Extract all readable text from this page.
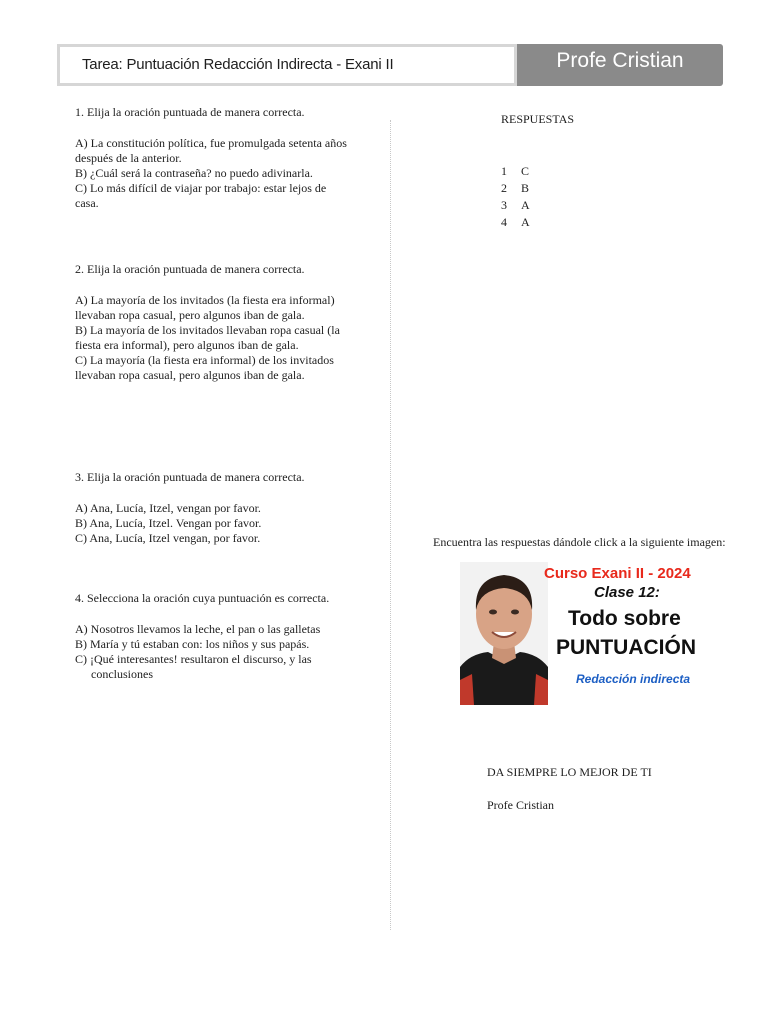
Tarea: Puntuación Redacción Indirecta - Exani II	Profe Cristian
1. Elija la oración puntuada de manera correcta.
A) La constitución política, fue promulgada setenta años después de la anterior.
B) ¿Cuál será la contraseña? no puedo adivinarla.
C) Lo más difícil de viajar por trabajo: estar lejos de casa.
2. Elija la oración puntuada de manera correcta.
A) La mayoría de los invitados (la fiesta era informal) llevaban ropa casual, pero algunos iban de gala.
B) La mayoría de los invitados llevaban ropa casual (la fiesta era informal), pero algunos iban de gala.
C) La mayoría (la fiesta era informal) de los invitados llevaban ropa casual, pero algunos iban de gala.
3. Elija la oración puntuada de manera correcta.
A) Ana, Lucía, Itzel, vengan por favor.
B) Ana, Lucía, Itzel. Vengan por favor.
C) Ana, Lucía, Itzel vengan, por favor.
4. Selecciona la oración cuya puntuación es correcta.
A) Nosotros llevamos la leche, el pan o las galletas
B) María y tú estaban con: los niños y sus papás.
C) ¡Qué interesantes! resultaron el discurso, y las conclusiones
RESPUESTAS
1	C
2	B
3	A
4	A
Encuentra las respuestas dándole click a la siguiente imagen:
Curso Exani II - 2024
Clase 12:
Todo sobre
PUNTUACIÓN
Redacción indirecta
DA SIEMPRE LO MEJOR DE TI
Profe Cristian
